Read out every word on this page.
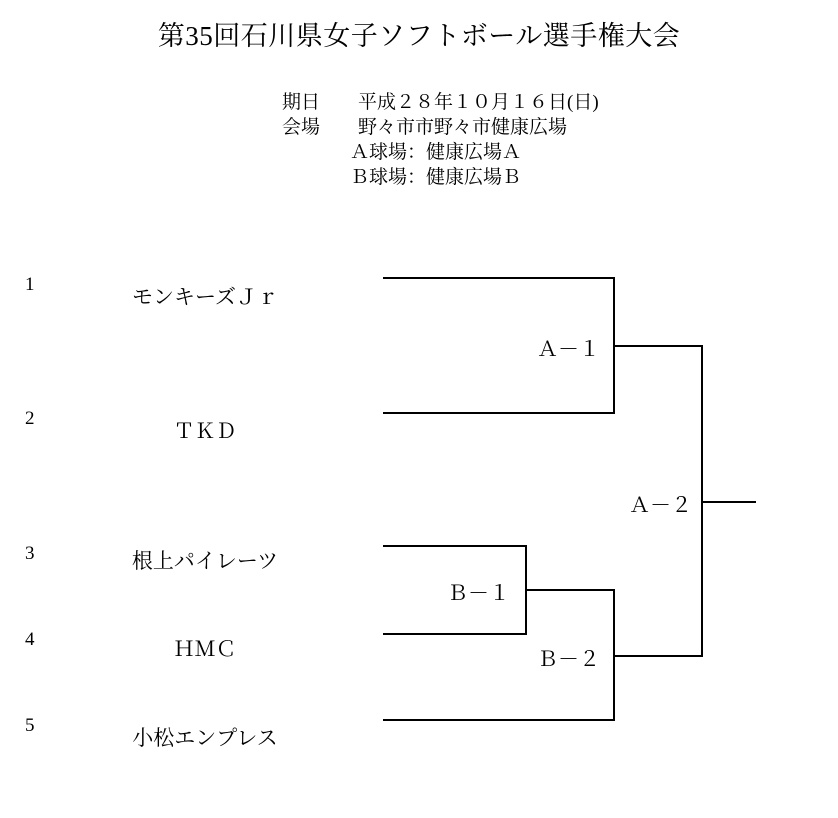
第35回石川県女子ソフトボール選手権大会
期日 平成２８年１０月１６日(日)
会場 野々市市野々市健康広場
Ａ球場：健康広場Ａ
Ｂ球場：健康広場Ｂ
1
2
3
4
5
モンキーズＪｒ
ＴＫＤ
根上パイレーツ
ＨＭＣ
小松エンプレス
Ａ－１
Ａ－２
Ｂ－１
Ｂ－２
